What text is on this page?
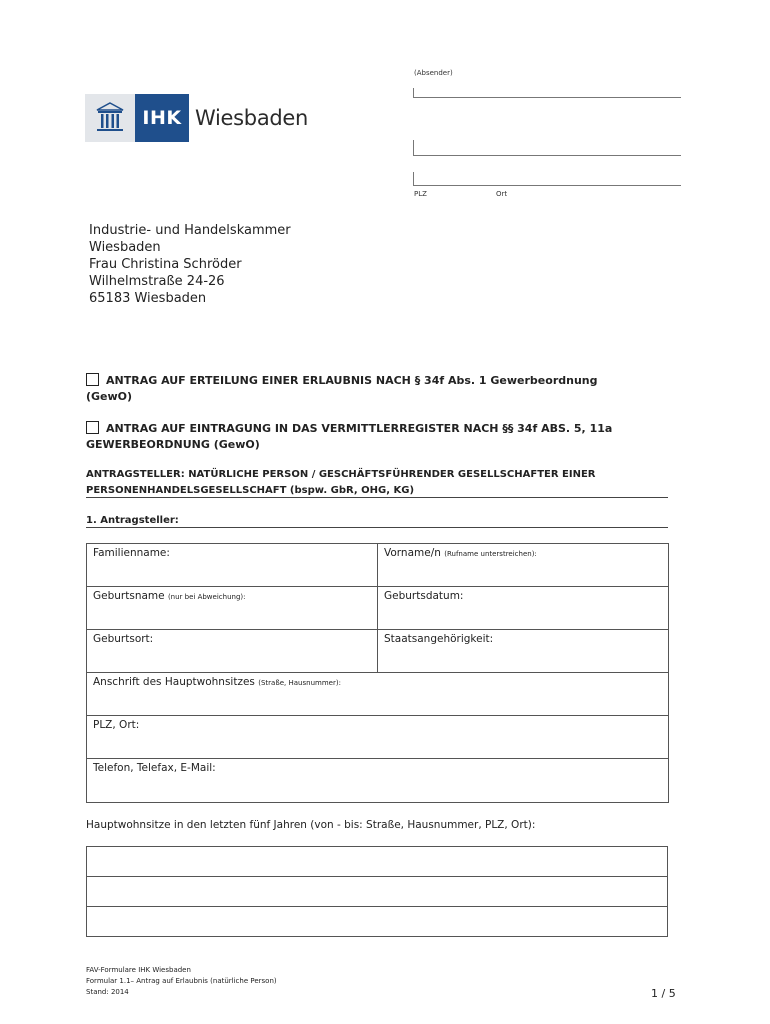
IHK Wiesbaden
(Absender)
PLZ	Ort
Industrie- und Handelskammer
Wiesbaden
Frau Christina Schröder
Wilhelmstraße 24-26
65183 Wiesbaden
ANTRAG AUF ERTEILUNG EINER ERLAUBNIS NACH § 34f Abs. 1 Gewerbeordnung
(GewO)
ANTRAG AUF EINTRAGUNG IN DAS VERMITTLERREGISTER NACH §§ 34f ABS. 5, 11a
GEWERBEORDNUNG (GewO)
ANTRAGSTELLER: NATÜRLICHE PERSON / GESCHÄFTSFÜHRENDER GESELLSCHAFTER EINER
PERSONENHANDELSGESELLSCHAFT (bspw. GbR, OHG, KG)
1. Antragsteller:
Familienname:	Vorname/n (Rufname unterstreichen):
Geburtsname (nur bei Abweichung):	Geburtsdatum:
Geburtsort:	Staatsangehörigkeit:
Anschrift des Hauptwohnsitzes (Straße, Hausnummer):	
PLZ, Ort:	
Telefon, Telefax, E-Mail:	
Hauptwohnsitze in den letzten fünf Jahren (von - bis: Straße, Hausnummer, PLZ, Ort):

FAV-Formulare IHK Wiesbaden
Formular 1.1– Antrag auf Erlaubnis (natürliche Person)
Stand: 2014	1 / 5
